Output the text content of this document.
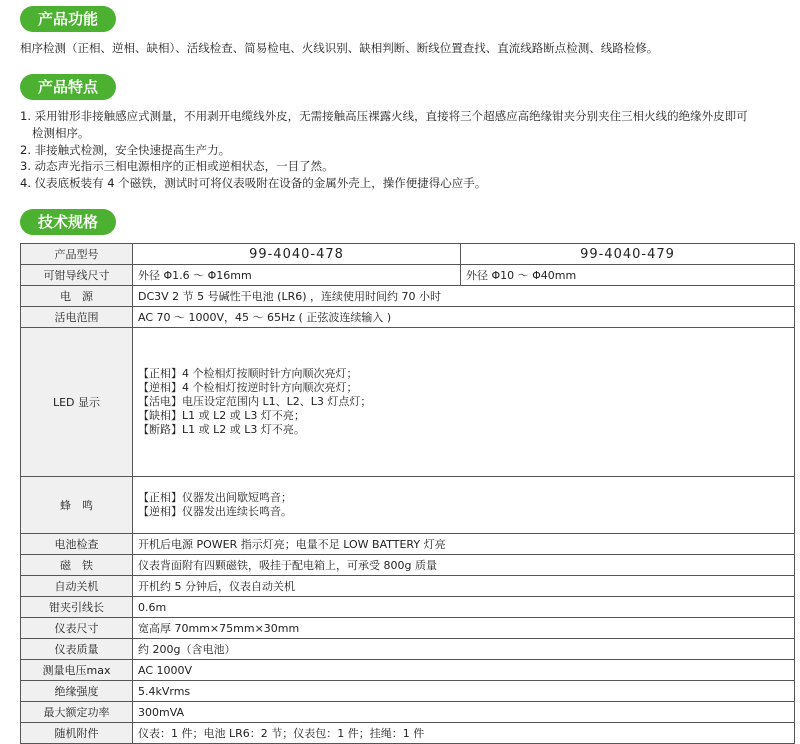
产品功能
相序检测（正相、逆相、缺相）、活线检查、简易检电、火线识别、缺相判断、断线位置查找、直流线路断点检测、线路检修。
产品特点
1. 采用钳形非接触感应式测量，不用剥开电缆线外皮，无需接触高压裸露火线，直接将三个超感应高绝缘钳夹分别夹住三相火线的绝缘外皮即可
检测相序。
2. 非接触式检测，安全快速提高生产力。
3. 动态声光指示三相电源相序的正相或逆相状态，一目了然。
4. 仪表底板装有 4 个磁铁，测试时可将仪表吸附在设备的金属外壳上，操作便捷得心应手。
技术规格
产品型号	99-4040-478	99-4040-479
可钳导线尺寸	外径 Φ1.6 ～ Φ16mm	外径 Φ10 ～ Φ40mm
电　源	DC3V 2 节 5 号碱性干电池 (LR6) ，连续使用时间约 70 小时	
活电范围	AC 70 ～ 1000V，45 ～ 65Hz ( 正弦波连续输入 )	
LED 显示	【正相】4 个检相灯按顺时针方向顺次亮灯；
【逆相】4 个检相灯按逆时针方向顺次亮灯；
【活电】电压设定范围内 L1、L2、L3 灯点灯；
【缺相】L1 或 L2 或 L3 灯不亮；
【断路】L1 或 L2 或 L3 灯不亮。	

蜂　鸣	【正相】仪器发出间歇短鸣音；
【逆相】仪器发出连续长鸣音。	

电池检查	开机后电源 POWER 指示灯亮；电量不足 LOW BATTERY 灯亮	
磁　铁	仪表背面附有四颗磁铁，吸挂于配电箱上，可承受 800g 质量	
自动关机	开机约 5 分钟后，仪表自动关机	
钳夹引线长	0.6m	
仪表尺寸	宽高厚 70mm×75mm×30mm	
仪表质量	约 200g（含电池）	
测量电压max	AC 1000V	
绝缘强度	5.4kVrms	
最大额定功率	300mVA	
随机附件	仪表：1 件；电池 LR6：2 节；仪表包：1 件；挂绳：1 件	
